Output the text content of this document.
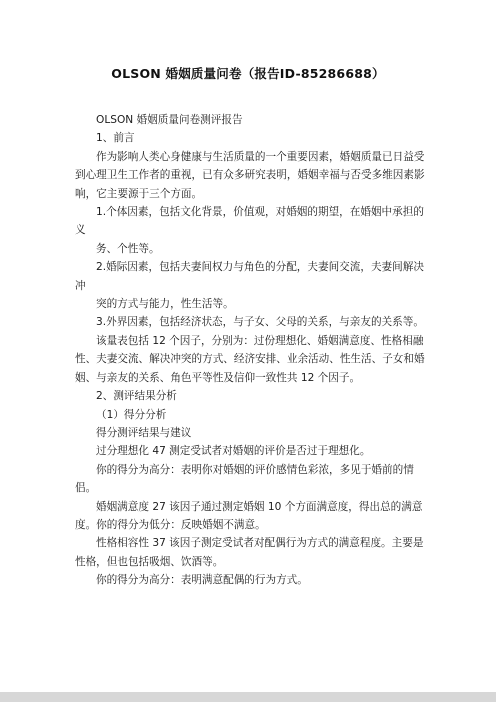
OLSON 婚姻质量问卷（报告ID-85286688）

OLSON 婚姻质量问卷测评报告

1、前言

作为影响人类心身健康与生活质量的一个重要因素，婚姻质量已日益受到心理卫生工作者的重视，已有众多研究表明，婚姻幸福与否受多维因素影响，它主要源于三个方面。

1.个体因素，包括文化背景，价值观，对婚姻的期望，在婚姻中承担的义

务、个性等。

2.婚际因素，包括夫妻间权力与角色的分配，夫妻间交流，夫妻间解决冲

突的方式与能力，性生活等。

3.外界因素，包括经济状态，与子女、父母的关系，与亲友的关系等。

该量表包括 12 个因子，分别为：过份理想化、婚姻满意度、性格相融性、夫妻交流、解决冲突的方式、经济安排、业余活动、性生活、子女和婚姻、与亲友的关系、角色平等性及信仰一致性共 12 个因子。

2、测评结果分析

（1）得分分析

得分测评结果与建议

过分理想化 47 测定受试者对婚姻的评价是否过于理想化。

你的得分为高分：表明你对婚姻的评价感情色彩浓，多见于婚前的情侣。

婚姻满意度 27 该因子通过测定婚姻 10 个方面满意度，得出总的满意度。你的得分为低分：反映婚姻不满意。

性格相容性 37 该因子测定受试者对配偶行为方式的满意程度。主要是性格，但也包括吸烟、饮酒等。

你的得分为高分：表明满意配偶的行为方式。
